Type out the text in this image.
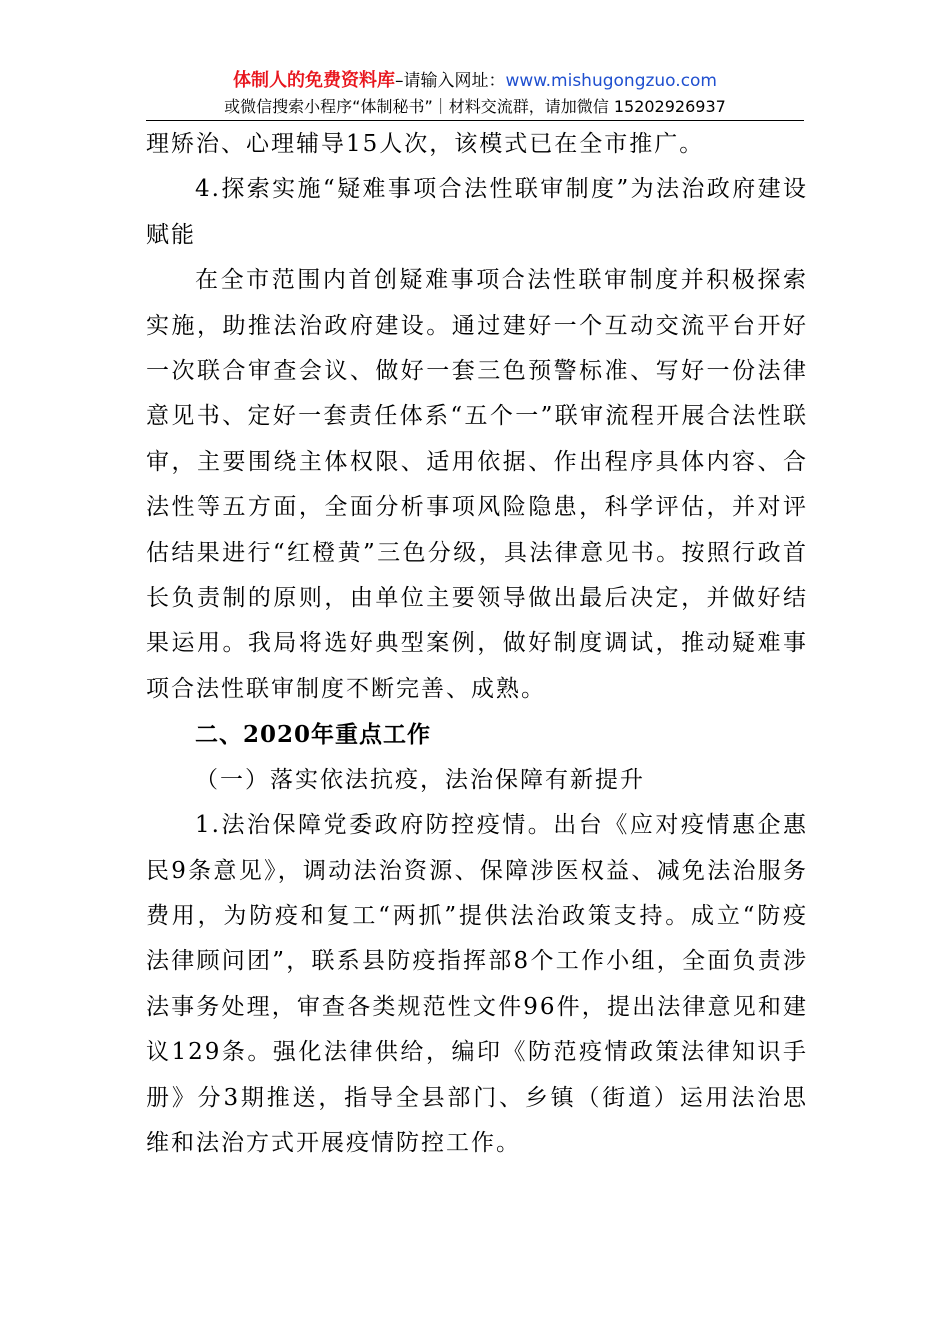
体制人的免费资料库–请输入网址：www.mishugongzuo.com
或微信搜索小程序“体制秘书”｜材料交流群，请加微信 15202926937

理矫治、心理辅导15人次，该模式已在全市推广。

4.探索实施“疑难事项合法性联审制度”为法治政府建设赋能

在全市范围内首创疑难事项合法性联审制度并积极探索实施，助推法治政府建设。通过建好一个互动交流平台开好一次联合审查会议、做好一套三色预警标准、写好一份法律意见书、定好一套责任体系“五个一”联审流程开展合法性联审，主要围绕主体权限、适用依据、作出程序具体内容、合法性等五方面，全面分析事项风险隐患，科学评估，并对评估结果进行“红橙黄”三色分级，具法律意见书。按照行政首长负责制的原则，由单位主要领导做出最后决定，并做好结果运用。我局将选好典型案例，做好制度调试，推动疑难事项合法性联审制度不断完善、成熟。

二、2020年重点工作

（一）落实依法抗疫，法治保障有新提升

1.法治保障党委政府防控疫情。出台《应对疫情惠企惠民9条意见》，调动法治资源、保障涉医权益、减免法治服务费用，为防疫和复工“两抓”提供法治政策支持。成立“防疫法律顾问团”，联系县防疫指挥部8个工作小组，全面负责涉法事务处理，审查各类规范性文件96件，提出法律意见和建议129条。强化法律供给，编印《防范疫情政策法律知识手册》分3期推送，指导全县部门、乡镇（街道）运用法治思维和法治方式开展疫情防控工作。
